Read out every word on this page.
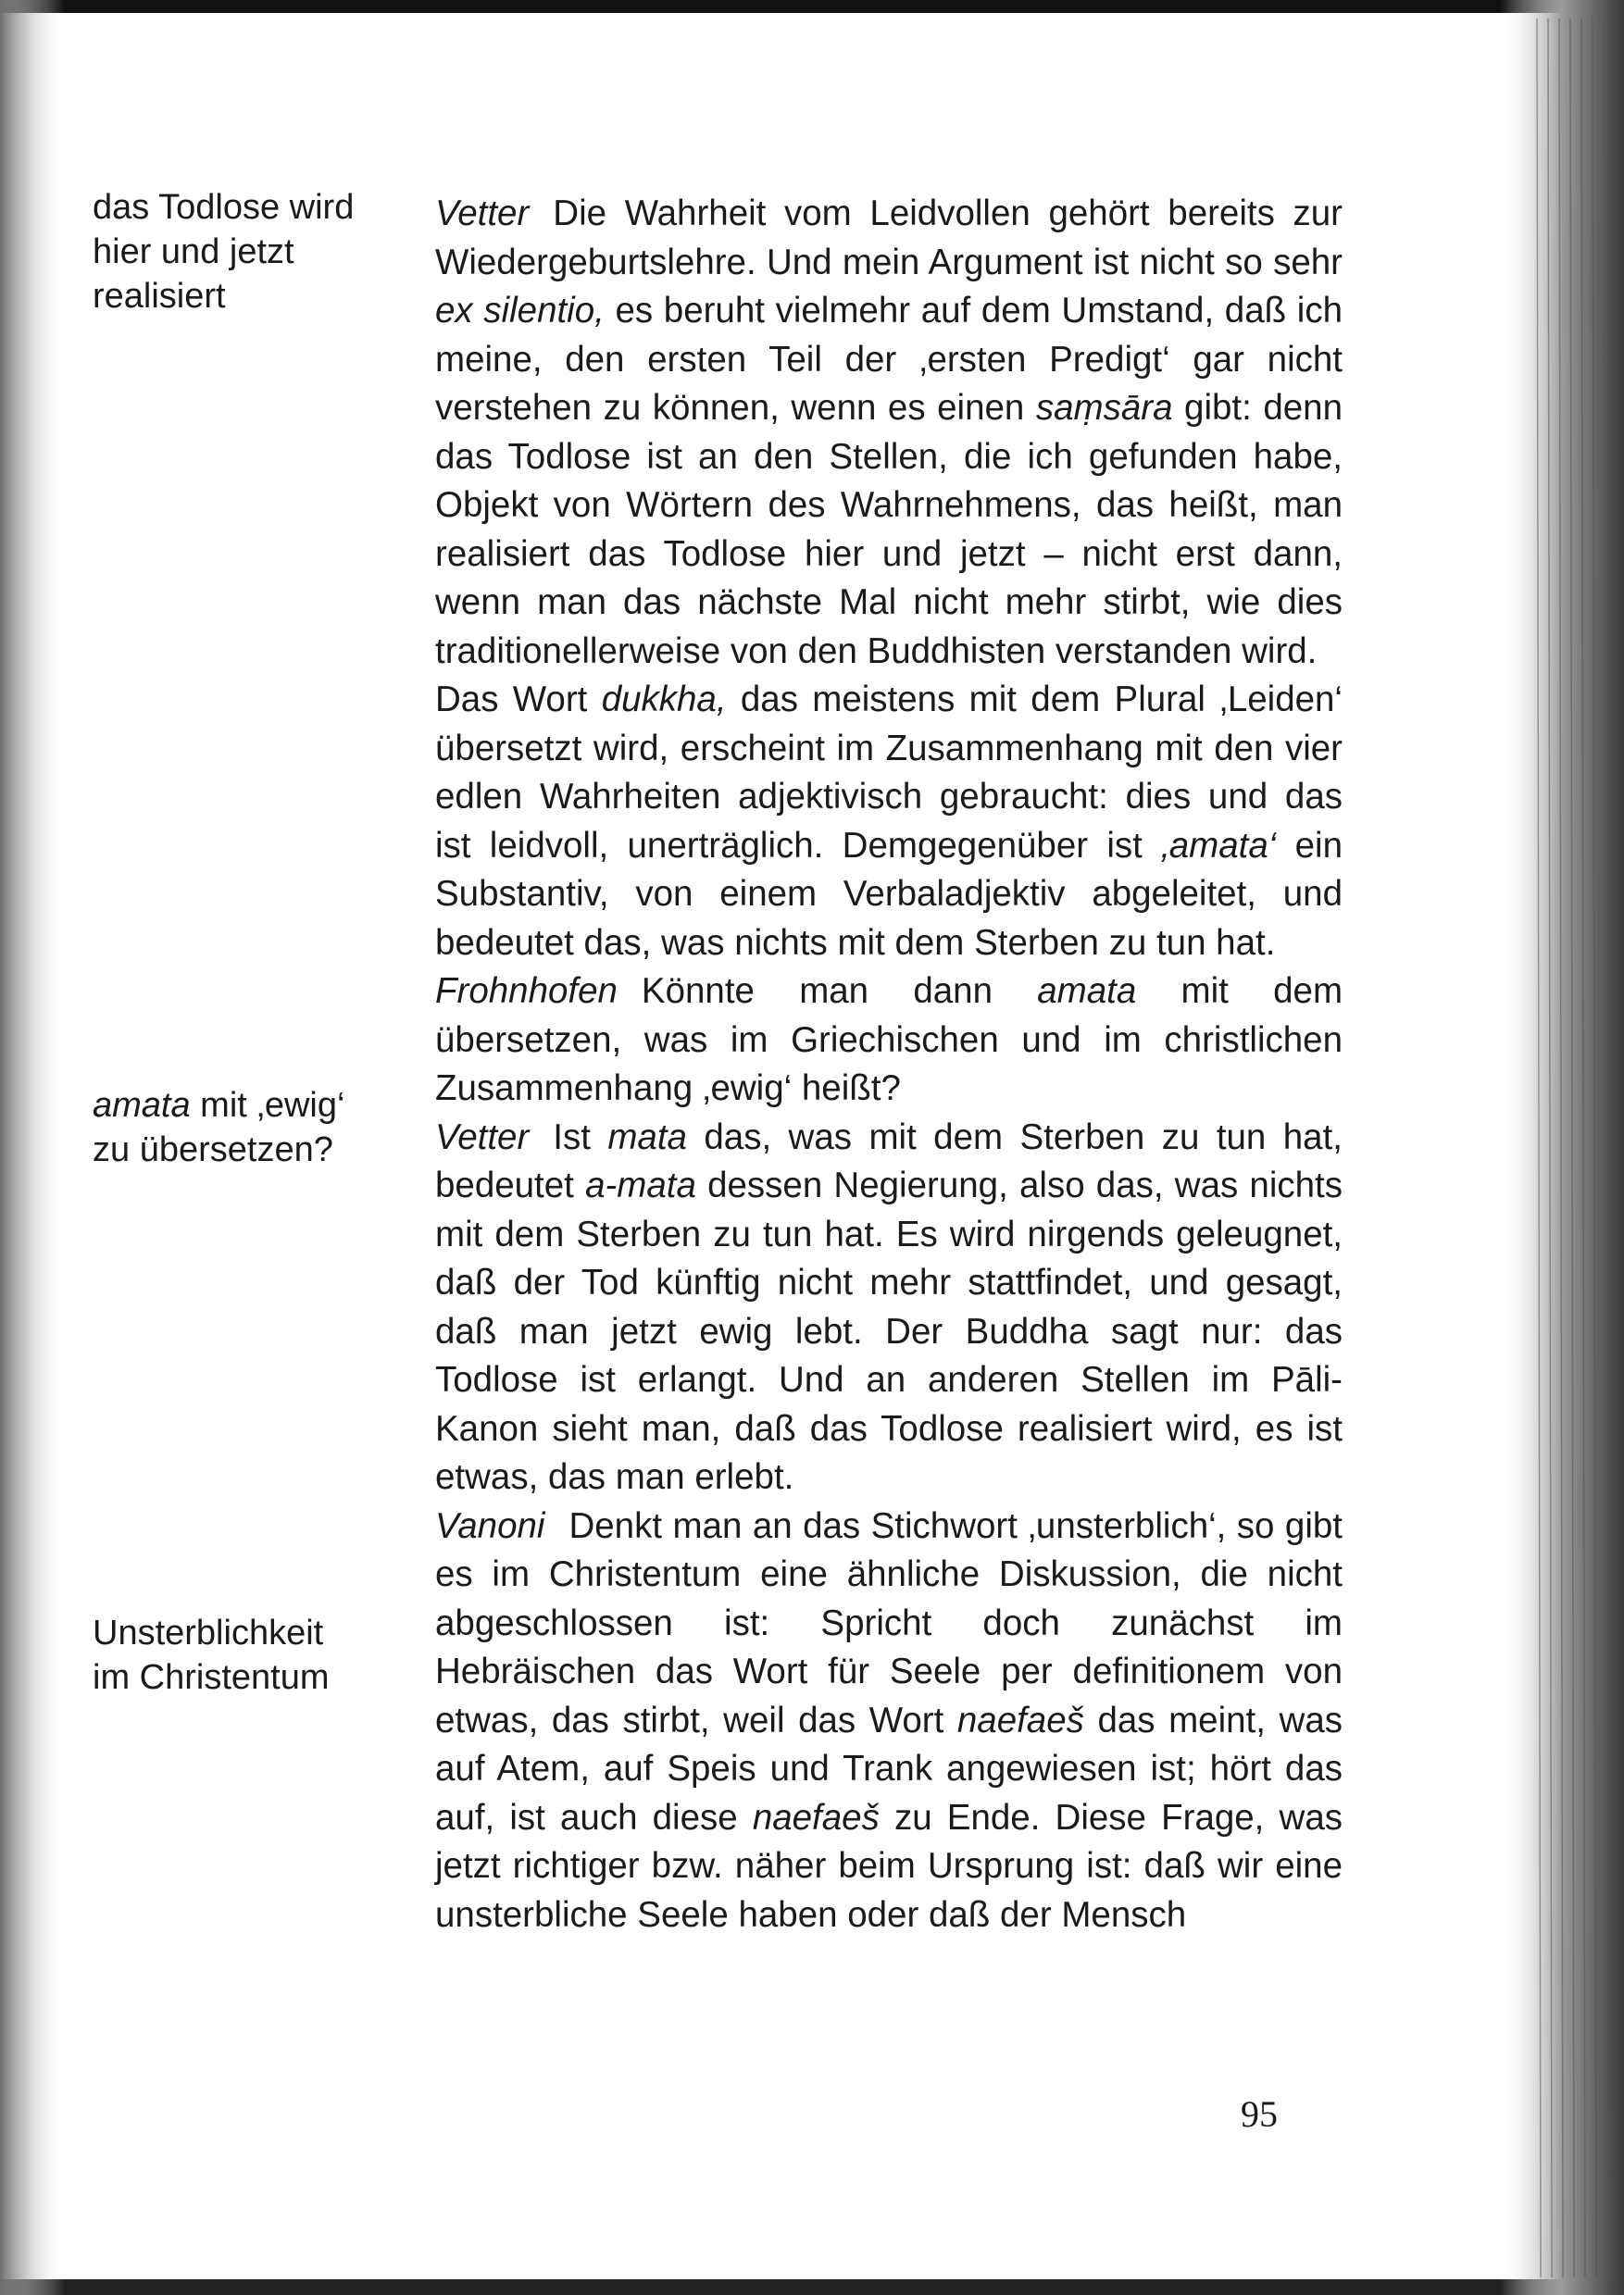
das Todlose wird
hier und jetzt
realisiert
amata mit ‚ewig‘
zu übersetzen?
Unsterblichkeit
im Christentum

Vetter Die Wahrheit vom Leidvollen gehört bereits zur Wiedergeburtslehre. Und mein Argument ist nicht so sehr ex silentio, es beruht vielmehr auf dem Umstand, daß ich meine, den ersten Teil der ‚ersten Predigt‘ gar nicht verstehen zu können, wenn es einen saṃsāra gibt: denn das Todlose ist an den Stellen, die ich gefunden habe, Objekt von Wörtern des Wahrnehmens, das heißt, man realisiert das Todlose hier und jetzt – nicht erst dann, wenn man das nächste Mal nicht mehr stirbt, wie dies traditionellerweise von den Buddhisten verstanden wird.

Das Wort dukkha, das meistens mit dem Plural ‚Leiden‘ übersetzt wird, erscheint im Zusammenhang mit den vier edlen Wahrheiten adjektivisch gebraucht: dies und das ist leidvoll, unerträglich. Demgegenüber ist ‚amata‘ ein Substantiv, von einem Verbaladjektiv abgeleitet, und bedeutet das, was nichts mit dem Sterben zu tun hat.

Frohnhofen Könnte man dann amata mit dem übersetzen, was im Griechischen und im christlichen Zusammenhang ‚ewig‘ heißt?

Vetter Ist mata das, was mit dem Sterben zu tun hat, bedeutet a-mata dessen Negierung, also das, was nichts mit dem Sterben zu tun hat. Es wird nirgends geleugnet, daß der Tod künftig nicht mehr stattfindet, und gesagt, daß man jetzt ewig lebt. Der Buddha sagt nur: das Todlose ist erlangt. Und an anderen Stellen im Pāli-Kanon sieht man, daß das Todlose realisiert wird, es ist etwas, das man erlebt.

Vanoni Denkt man an das Stichwort ‚unsterblich‘, so gibt es im Christentum eine ähnliche Diskussion, die nicht abgeschlossen ist: Spricht doch zunächst im Hebräischen das Wort für Seele per definitionem von etwas, das stirbt, weil das Wort naefaeš das meint, was auf Atem, auf Speis und Trank angewiesen ist; hört das auf, ist auch diese naefaeš zu Ende. Diese Frage, was jetzt richtiger bzw. näher beim Ursprung ist: daß wir eine unsterbliche Seele haben oder daß der Mensch

95
